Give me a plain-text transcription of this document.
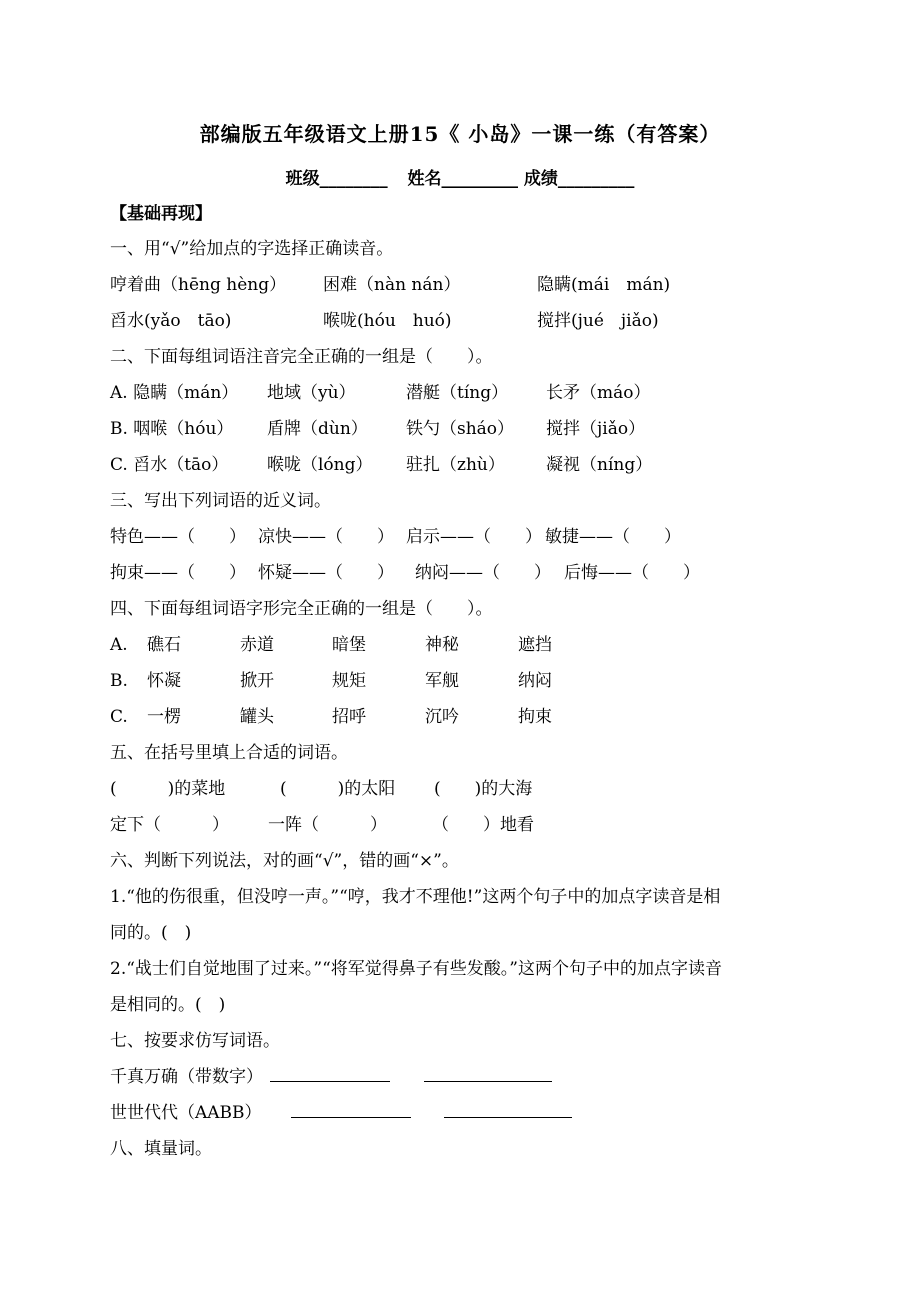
部编版五年级语文上册15《 小岛》一课一练（有答案）
班级________ 姓名_________ 成绩_________
【基础再现】
一、用“√”给加点的字选择正确读音。
哼着曲（hēng hèng） 困难（nàn nán）	隐瞒(mái　mán)
舀水(yǎo　tāo)	喉咙(hóu　huó)	搅拌(jué　jiǎo)
二、下面每组词语注音完全正确的一组是（　　）。
A. 隐瞒（mán） 地域（yù）	潜艇（tíng） 长矛（máo）
B. 咽喉（hóu） 盾牌（dùn） 铁勺（sháo） 搅拌（jiǎo）
C. 舀水（tāo） 喉咙（lóng） 驻扎（zhù） 凝视（níng）
三、写出下列词语的近义词。
特色——（　　） 凉快——（　　） 启示——（　　） 敏捷——（　　）
拘束——（　　） 怀疑——（　　） 纳闷——（　　） 后悔——（　　）
四、下面每组词语字形完全正确的一组是（　　）。
A. 礁石	赤道	暗堡	神秘	遮挡
B. 怀凝	掀开	规矩	军舰	纳闷
C. 一楞	罐头	招呼	沉吟	拘束
五、在括号里填上合适的词语。
(　　　)的菜地	(　　　)的太阳 (　　)的大海
定下（　　　） 一阵（　　　）	（　　）地看
六、判断下列说法，对的画“√”，错的画“×”。
1.“他的伤很重，但没哼一声。”“哼，我才不理他!”这两个句子中的加点字读音是相
同的。(　)
2.“战士们自觉地围了过来。”“将军觉得鼻子有些发酸。”这两个句子中的加点字读音
是相同的。(　)
七、按要求仿写词语。
千真万确（带数字）
世世代代（AABB）
八、填量词。
